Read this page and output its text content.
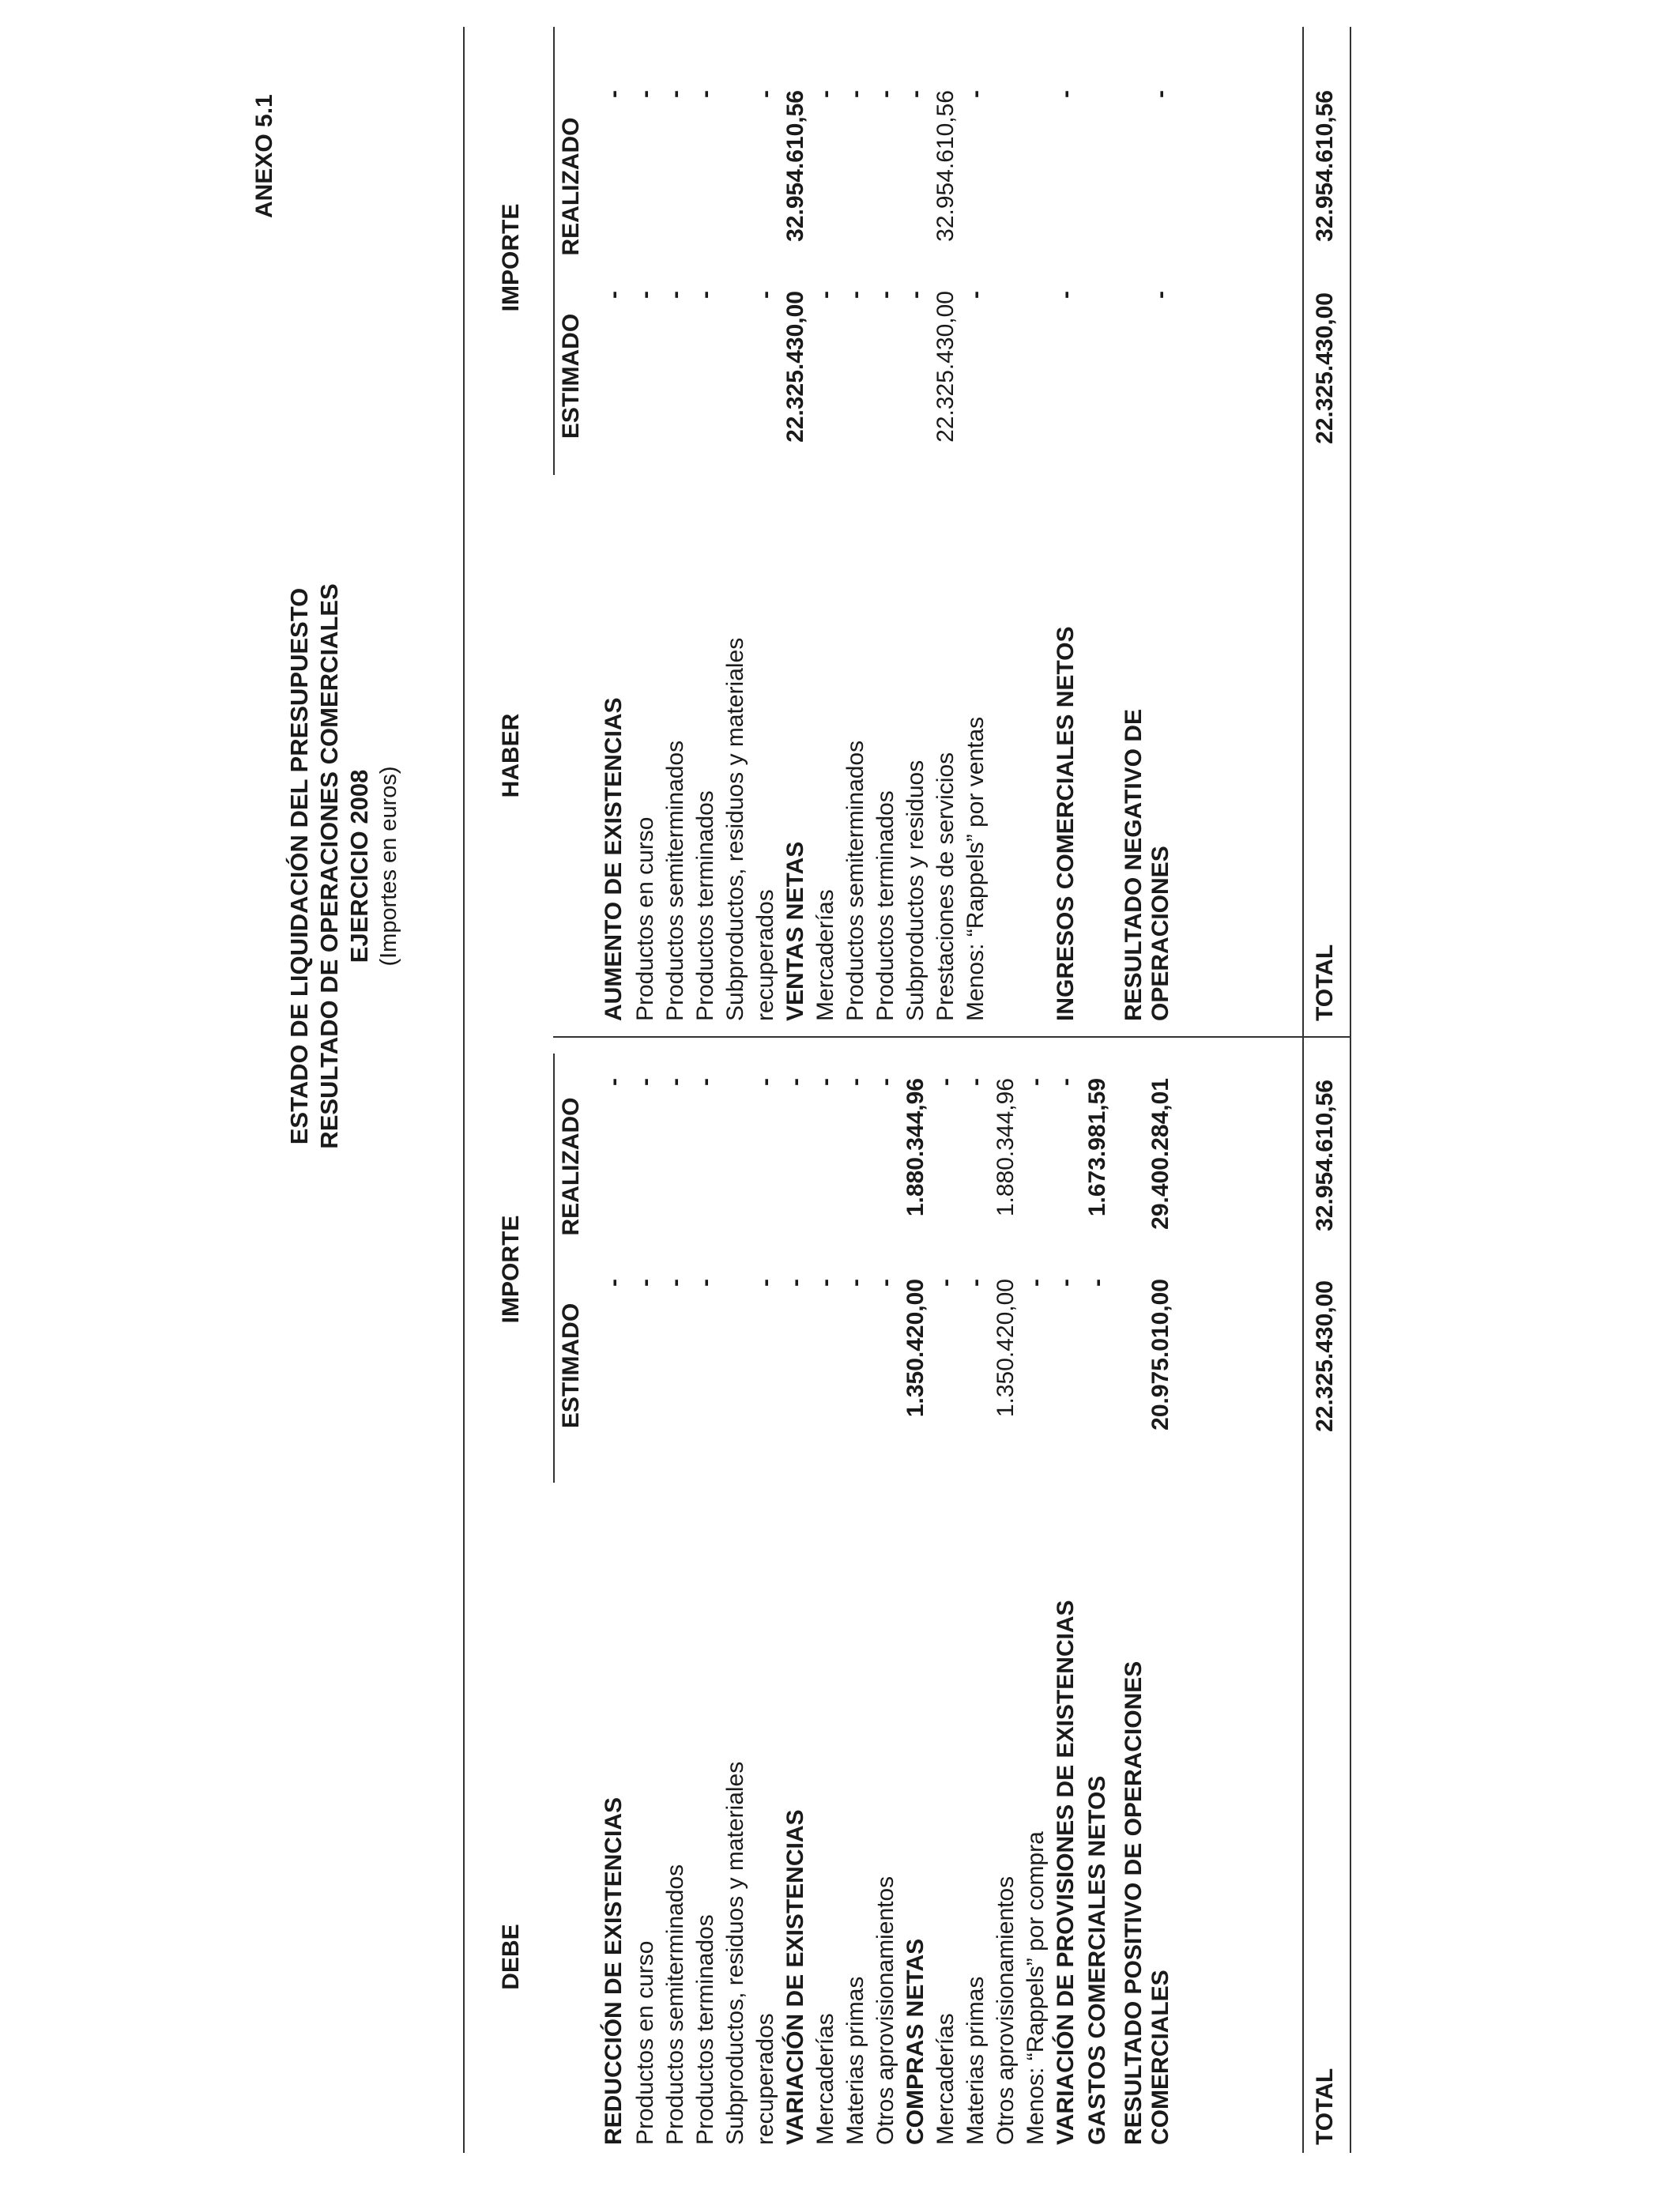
ANEXO 5.1
ESTADO DE LIQUIDACIÓN DEL PRESUPUESTO RESULTADO DE OPERACIONES COMERCIALES EJERCICIO 2008 (Importes en euros)
DEBE
IMPORTE
HABER
IMPORTE
ESTIMADO
REALIZADO
ESTIMADO
REALIZADO
REDUCCIÓN DE EXISTENCIAS
-
-
Productos en curso
-
-
Productos semiterminados
-
-
Productos terminados
-
-
Subproductos, residuos y materiales recuperados
-
-
VARIACIÓN DE EXISTENCIAS
-
-
Mercaderías
-
-
Materias primas
-
-
Otros aprovisionamientos
-
-
COMPRAS NETAS
1.350.420,00
1.880.344,96
Mercaderías
-
-
Materias primas
-
-
Otros aprovisionamientos
1.350.420,00
1.880.344,96
Menos: “Rappels” por compra
-
-
VARIACIÓN DE PROVISIONES DE EXISTENCIAS
-
-
GASTOS COMERCIALES NETOS
-
1.673.981,59
RESULTADO POSITIVO DE OPERACIONES COMERCIALES
20.975.010,00
29.400.284,01
AUMENTO DE EXISTENCIAS
-
-
Productos en curso
-
-
Productos semiterminados
-
-
Productos terminados
-
-
Subproductos, residuos y materiales recuperados
-
-
VENTAS NETAS
22.325.430,00
32.954.610,56
Mercaderías
-
-
Productos semiterminados
-
-
Productos terminados
-
-
Subproductos y residuos
-
-
Prestaciones de servicios
22.325.430,00
32.954.610,56
Menos: “Rappels” por ventas
-
-
INGRESOS COMERCIALES NETOS
-
-
RESULTADO NEGATIVO DE OPERACIONES
-
-
TOTAL
22.325.430,00
32.954.610,56
TOTAL
22.325.430,00
32.954.610,56
